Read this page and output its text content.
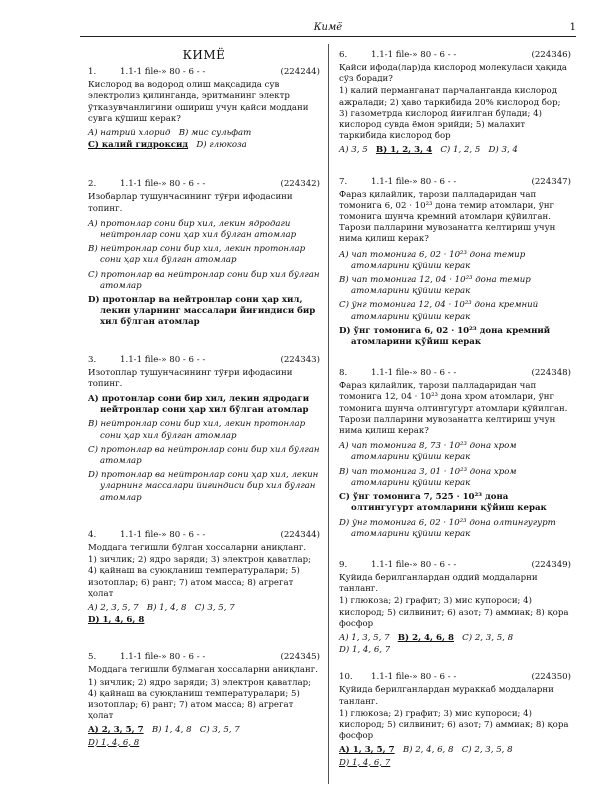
Кимё	1
КИМЁ
1.	1.1-1 file-» 80 - 6 - -	(224244)
Кислород ва водород олиш мақсадида сув электролиз қилинганда, эритманинг электр ўтказувчанлигини ошириш учун қайси моддани сувга қўшиш керак?
A) натрий хлорид B) мис сульфат
C) калий гидроксид D) глюкоза
2.	1.1-1 file-» 80 - 6 - -	(224342)
Изобарлар тушунчасининг тўғри ифодасини топинг.
A) протонлар сони бир хил, лекин ядродаги нейтронлар сони ҳар хил бўлган атомлар
B) нейтронлар сони бир хил, лекин протонлар сони ҳар хил бўлган атомлар
C) протонлар ва нейтронлар сони бир хил бўлган атомлар
D) протонлар ва нейтронлар сони ҳар хил, лекин уларнинг массалари йиғиндиси бир хил бўлган атомлар
3.	1.1-1 file-» 80 - 6 - -	(224343)
Изотоплар тушунчасининг тўғри ифодасини топинг.
A) протонлар сони бир хил, лекин ядродаги нейтронлар сони ҳар хил бўлган атомлар
B) нейтронлар сони бир хил, лекин протонлар сони ҳар хил бўлган атомлар
C) протонлар ва нейтронлар сони бир хил бўлган атомлар
D) протонлар ва нейтронлар сони ҳар хил, лекин уларнинг массалари йиғиндиси бир хил бўлган атомлар
4.	1.1-1 file-» 80 - 6 - -	(224344)
Моддага тегишли бўлган хоссаларни аниқланг.
1) зичлик; 2) ядро заряди; 3) электрон қаватлар; 4) қайнаш ва суюқланиш температуралари; 5) изотоплар; 6) ранг; 7) атом масса; 8) агрегат ҳолат
A) 2, 3, 5, 7 B) 1, 4, 8 C) 3, 5, 7
D) 1, 4, 6, 8
5.	1.1-1 file-» 80 - 6 - -	(224345)
Моддага тегишли бўлмаган хоссаларни аниқланг.
1) зичлик; 2) ядро заряди; 3) электрон қаватлар; 4) қайнаш ва суюқланиш температуралари; 5) изотоплар; 6) ранг; 7) атом масса; 8) агрегат ҳолат
A) 2, 3, 5, 7 B) 1, 4, 8 C) 3, 5, 7
D) 1, 4, 6, 8
6.	1.1-1 file-» 80 - 6 - -	(224346)
Қайси ифода(лар)да кислород молекуласи ҳақида сўз боради?
1) калий перманганат парчаланганда кислород ажралади; 2) ҳаво таркибида 20% кислород бор; 3) газометрда кислород йиғилган бўлади; 4) кислород сувда ёмон эрийди; 5) малахит таркибида кислород бор
A) 3, 5 B) 1, 2, 3, 4 C) 1, 2, 5 D) 3, 4
7.	1.1-1 file-» 80 - 6 - -	(224347)
Фараз қилайлик, тарози палладаридан чап томонига 6, 02 · 10²³ дона темир атомлари, ўнг томонига шунча кремний атомлари қўйилган. Тарози палларини мувозанатга келтириш учун нима қилиш керак?
A) чап томонига 6, 02 · 10²³ дона темир атомларини қўйиш керак
B) чап томонига 12, 04 · 10²³ дона темир атомларини қўйиш керак
C) ўнг томонига 12, 04 · 10²³ дона кремний атомларини қўйиш керак
D) ўнг томонига 6, 02 · 10²³ дона кремний атомларини қўйиш керак
8.	1.1-1 file-» 80 - 6 - -	(224348)
Фараз қилайлик, тарози палладаридан чап томонига 12, 04 · 10²³ дона хром атомлари, ўнг томонига шунча олтингугурт атомлари қўйилган. Тарози палларини мувозанатга келтириш учун нима қилиш керак?
A) чап томонига 8, 73 · 10²³ дона хром атомларини қўйиш керак
B) чап томонига 3, 01 · 10²³ дона хром атомларини қўйиш керак
C) ўнг томонига 7, 525 · 10²³ дона олтингугурт атомларини қўйиш керак
D) ўнг томонига 6, 02 · 10²³ дона олтингугурт атомларини қўйиш керак
9.	1.1-1 file-» 80 - 6 - -	(224349)
Қуйида берилганлардан оддий моддаларни танланг.
1) глюкоза; 2) графит; 3) мис купороси; 4) кислород; 5) силвинит; 6) азот; 7) аммиак; 8) қора фосфор
A) 1, 3, 5, 7 B) 2, 4, 6, 8 C) 2, 3, 5, 8
D) 1, 4, 6, 7
10. 1.1-1 file-» 80 - 6 - -	(224350)
Қуйида берилганлардан мураккаб моддаларни танланг.
1) глюкоза; 2) графит; 3) мис купороси; 4) кислород; 5) силвинит; 6) азот; 7) аммиак; 8) қора фосфор
A) 1, 3, 5, 7 B) 2, 4, 6, 8 C) 2, 3, 5, 8
D) 1, 4, 6, 7
